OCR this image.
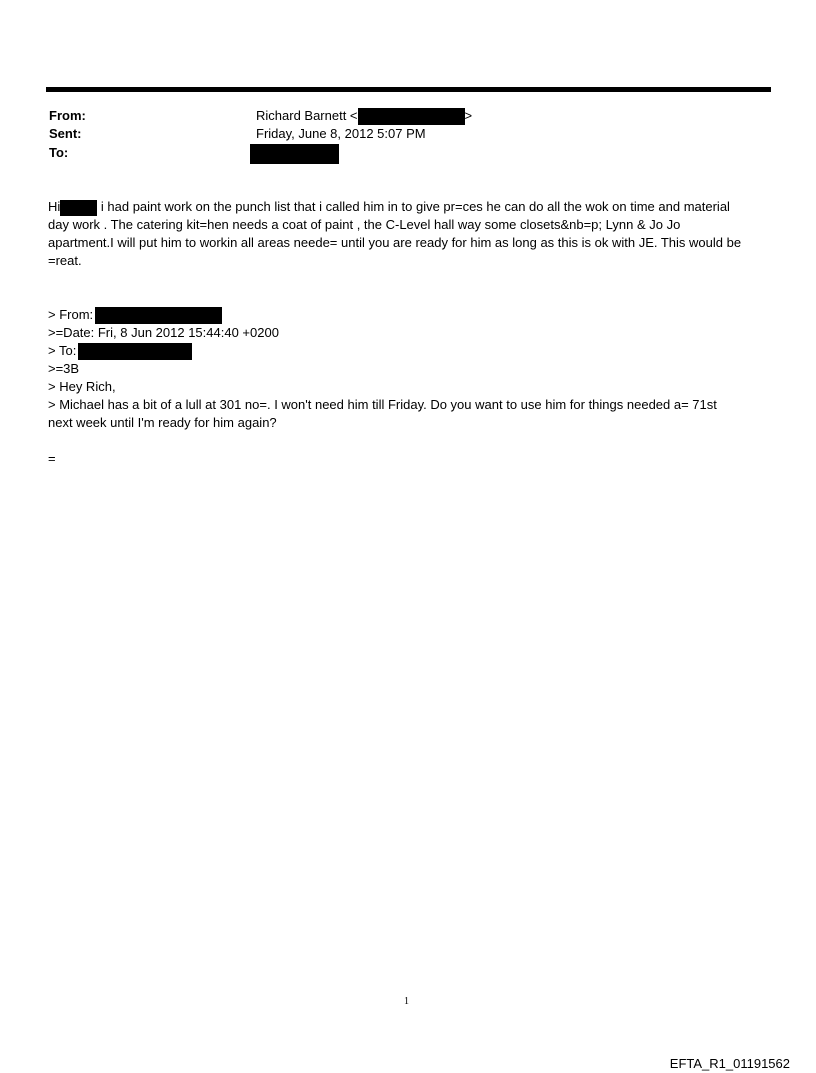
From:	Richard Barnett <	>
Sent:	Friday, June 8, 2012 5:07 PM
To:

Hi	i had paint work on the punch list that i called him in to give pr=ces he can do all the wok on time and material

day work . The catering kit=hen needs a coat of paint , the C-Level hall way some closets&nb=p; Lynn & Jo Jo

apartment.I will put him to workin all areas neede= until you are ready for him as long as this is ok with JE. This would be

=reat.

> From:

>=Date: Fri, 8 Jun 2012 15:44:40 +0200

> To:

>=3B

> Hey Rich,

> Michael has a bit of a lull at 301 no=. I won't need him till Friday. Do you want to use him for things needed a= 71st

next week until I'm ready for him again?

=
1
EFTA_R1_01191562
